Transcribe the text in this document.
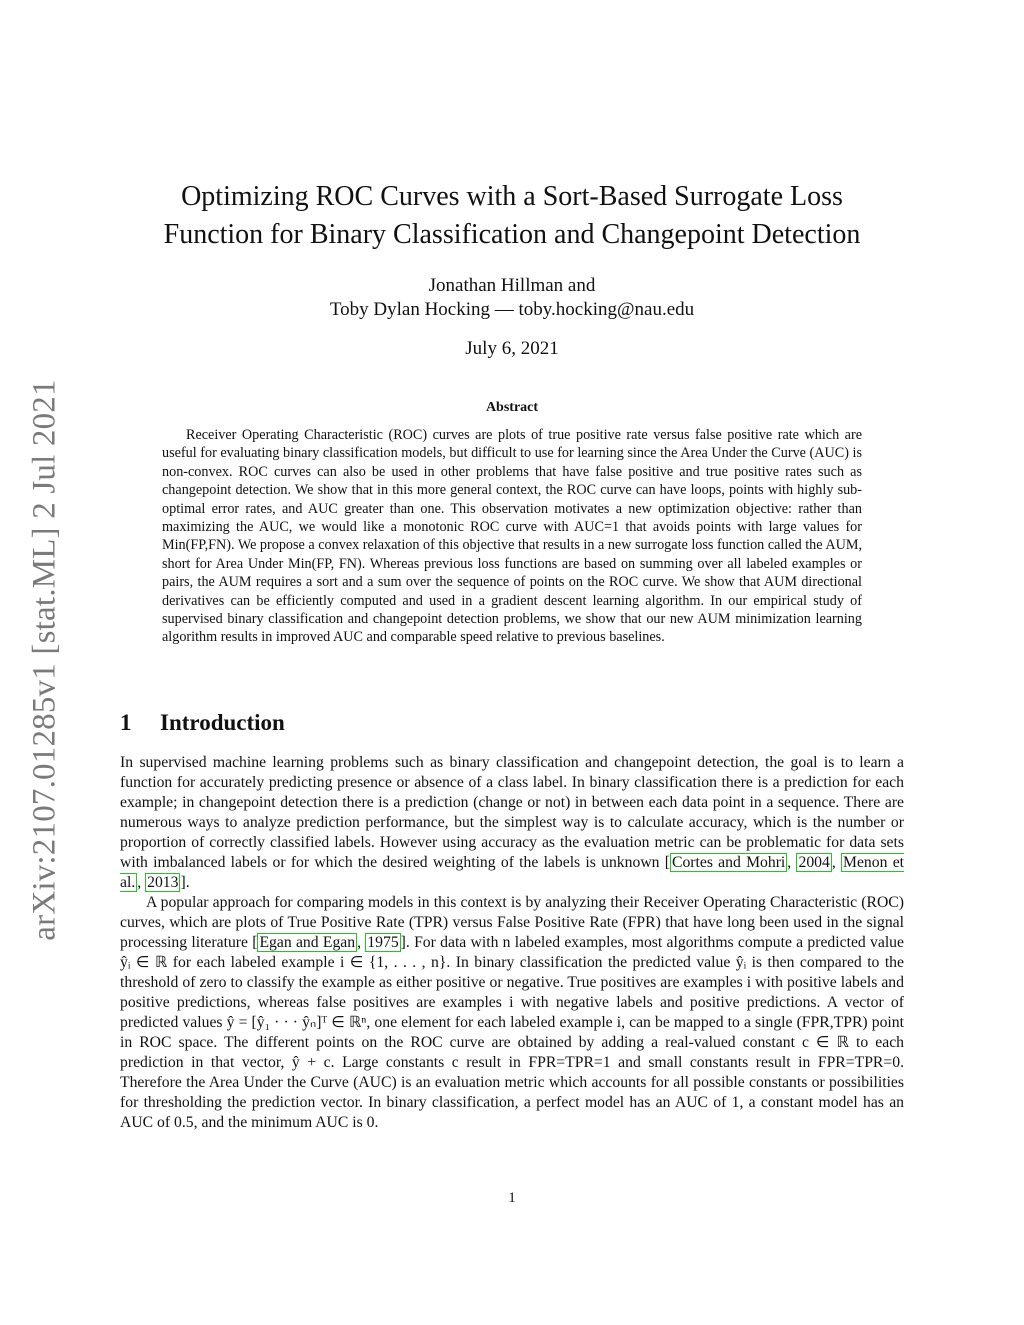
arXiv:2107.01285v1 [stat.ML] 2 Jul 2021
Optimizing ROC Curves with a Sort-Based Surrogate Loss
Function for Binary Classification and Changepoint Detection
Jonathan Hillman and
Toby Dylan Hocking — toby.hocking@nau.edu
July 6, 2021
Abstract

Receiver Operating Characteristic (ROC) curves are plots of true positive rate versus false positive rate which are useful for evaluating binary classification models, but difficult to use for learning since the Area Under the Curve (AUC) is non-convex. ROC curves can also be used in other problems that have false positive and true positive rates such as changepoint detection. We show that in this more general context, the ROC curve can have loops, points with highly sub-optimal error rates, and AUC greater than one. This observation motivates a new optimization objective: rather than maximizing the AUC, we would like a monotonic ROC curve with AUC=1 that avoids points with large values for Min(FP,FN). We propose a convex relaxation of this objective that results in a new surrogate loss function called the AUM, short for Area Under Min(FP, FN). Whereas previous loss functions are based on summing over all labeled examples or pairs, the AUM requires a sort and a sum over the sequence of points on the ROC curve. We show that AUM directional derivatives can be efficiently computed and used in a gradient descent learning algorithm. In our empirical study of supervised binary classification and changepoint detection problems, we show that our new AUM minimization learning algorithm results in improved AUC and comparable speed relative to previous baselines.

1 Introduction

In supervised machine learning problems such as binary classification and changepoint detection, the goal is to learn a function for accurately predicting presence or absence of a class label. In binary classification there is a prediction for each example; in changepoint detection there is a prediction (change or not) in between each data point in a sequence. There are numerous ways to analyze prediction performance, but the simplest way is to calculate accuracy, which is the number or proportion of correctly classified labels. However using accuracy as the evaluation metric can be problematic for data sets with imbalanced labels or for which the desired weighting of the labels is unknown [ Cortes and Mohri , 2004 , Menon et al. , 2013 ].

A popular approach for comparing models in this context is by analyzing their Receiver Operating Characteristic (ROC) curves, which are plots of True Positive Rate (TPR) versus False Positive Rate (FPR) that have long been used in the signal processing literature [ Egan and Egan , 1975 ]. For data with n labeled examples, most algorithms compute a predicted value ŷᵢ ∈ ℝ for each labeled example i ∈ {1, . . . , n}. In binary classification the predicted value ŷᵢ is then compared to the threshold of zero to classify the example as either positive or negative. True positives are examples i with positive labels and positive predictions, whereas false positives are examples i with negative labels and positive predictions. A vector of predicted values ŷ = [ŷ₁ · · · ŷₙ]ᵀ ∈ ℝⁿ, one element for each labeled example i, can be mapped to a single (FPR,TPR) point in ROC space. The different points on the ROC curve are obtained by adding a real-valued constant c ∈ ℝ to each prediction in that vector, ŷ + c. Large constants c result in FPR=TPR=1 and small constants result in FPR=TPR=0. Therefore the Area Under the Curve (AUC) is an evaluation metric which accounts for all possible constants or possibilities for thresholding the prediction vector. In binary classification, a perfect model has an AUC of 1, a constant model has an AUC of 0.5, and the minimum AUC is 0.

1
